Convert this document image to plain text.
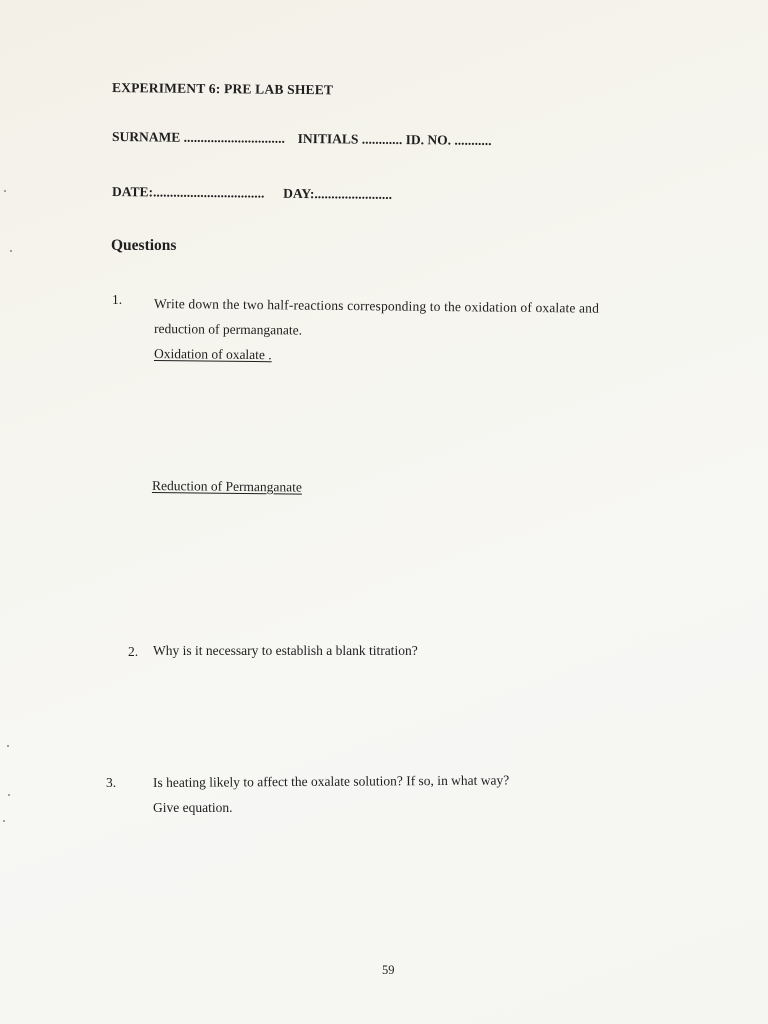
EXPERIMENT 6: PRE LAB SHEET
SURNAME .............................. INITIALS ............ ID. NO. ...........
DATE:................................. DAY:.......................
Questions
1. Write down the two half-reactions corresponding to the oxidation of oxalate and
reduction of permanganate.
Oxidation of oxalate .
Reduction of Permanganate
2. Why is it necessary to establish a blank titration?
3.	Is heating likely to affect the oxalate solution? If so, in what way?
Give equation.
59
